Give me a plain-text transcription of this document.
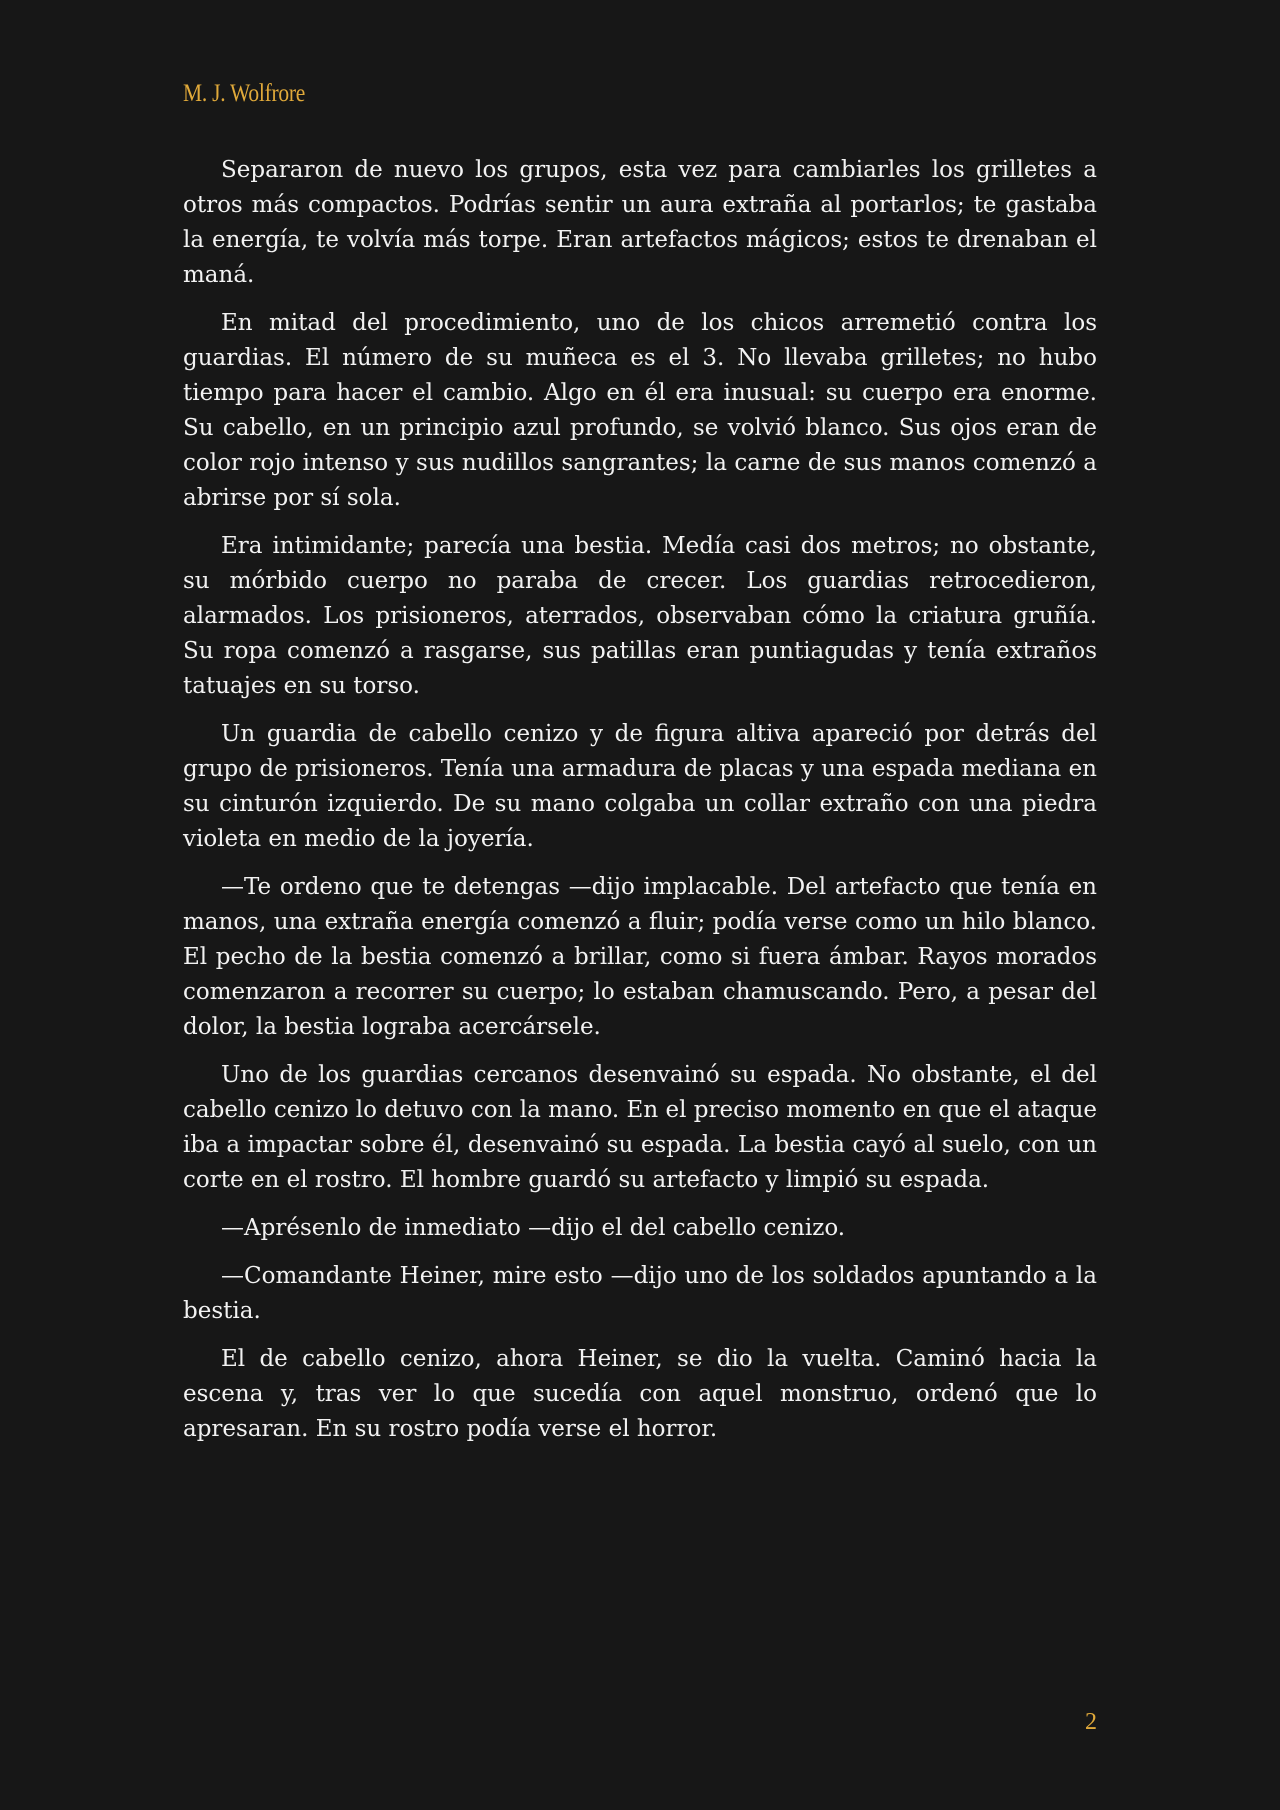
M. J. Wolfrore

Separaron de nuevo los grupos, esta vez para cambiarles los grilletes a otros más compactos. Podrías sentir un aura extraña al portarlos; te gastaba la energía, te volvía más torpe. Eran artefactos mágicos; estos te drenaban el maná.

En mitad del procedimiento, uno de los chicos arremetió contra los guardias. El número de su muñeca es el 3. No llevaba grilletes; no hubo tiempo para hacer el cambio. Algo en él era inusual: su cuerpo era enorme. Su cabello, en un principio azul profundo, se volvió blanco. Sus ojos eran de color rojo intenso y sus nudillos sangrantes; la carne de sus manos comenzó a abrirse por sí sola.

Era intimidante; parecía una bestia. Medía casi dos metros; no obstante, su mórbido cuerpo no paraba de crecer. Los guardias retrocedieron, alarmados. Los prisioneros, aterrados, observaban cómo la criatura gruñía. Su ropa comenzó a rasgarse, sus patillas eran puntiagudas y tenía extraños tatuajes en su torso.

Un guardia de cabello cenizo y de figura altiva apareció por detrás del grupo de prisioneros. Tenía una armadura de placas y una espada mediana en su cinturón izquierdo. De su mano colgaba un collar extraño con una piedra violeta en medio de la joyería.

—Te ordeno que te detengas —dijo implacable. Del artefacto que tenía en manos, una extraña energía comenzó a fluir; podía verse como un hilo blanco. El pecho de la bestia comenzó a brillar, como si fuera ámbar. Rayos morados comenzaron a recorrer su cuerpo; lo estaban chamuscando. Pero, a pesar del dolor, la bestia lograba acercársele.

Uno de los guardias cercanos desenvainó su espada. No obstante, el del cabello cenizo lo detuvo con la mano. En el preciso momento en que el ataque iba a impactar sobre él, desenvainó su espada. La bestia cayó al suelo, con un corte en el rostro. El hombre guardó su artefacto y limpió su espada.

—Aprésenlo de inmediato —dijo el del cabello cenizo.

—Comandante Heiner, mire esto —dijo uno de los soldados apuntando a la bestia.

El de cabello cenizo, ahora Heiner, se dio la vuelta. Caminó hacia la escena y, tras ver lo que sucedía con aquel monstruo, ordenó que lo apresaran. En su rostro podía verse el horror.

2
